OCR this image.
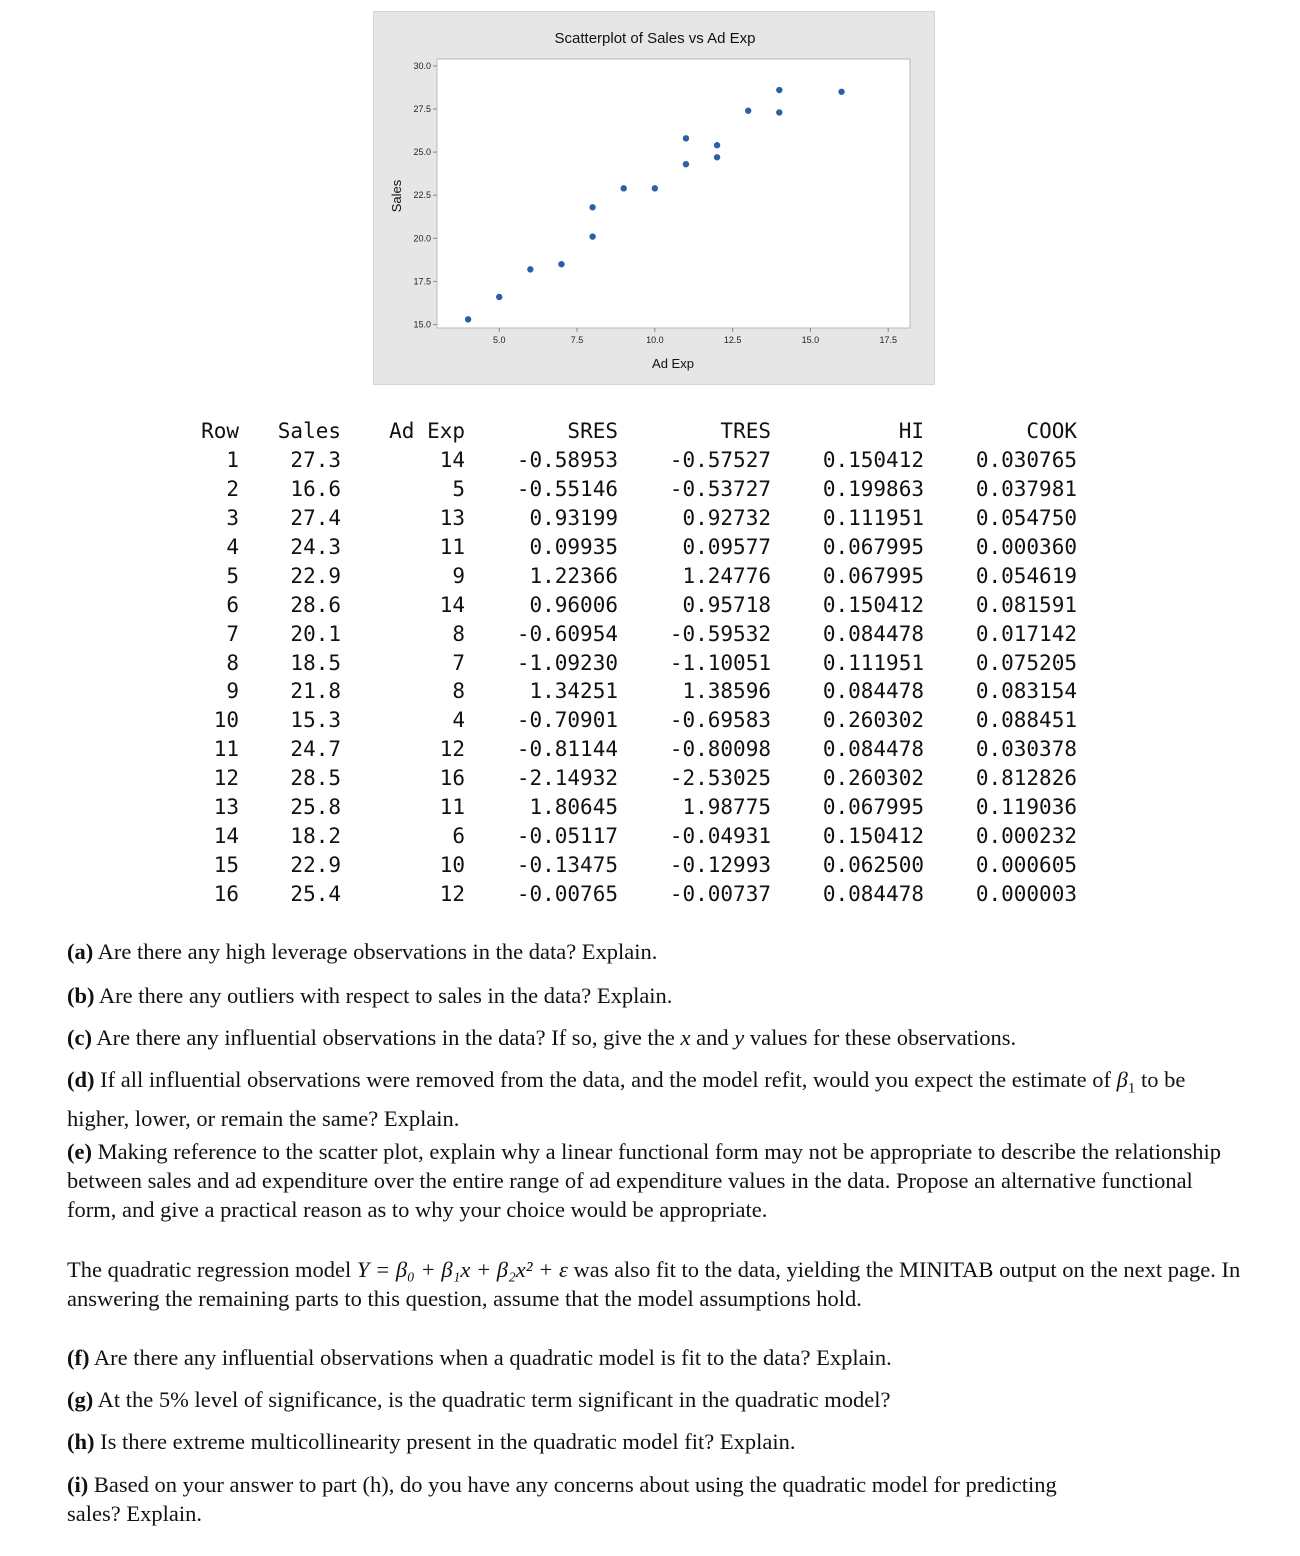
Scatterplot of Sales vs Ad Exp
5.0	7.5	10.0	12.5	15.0	17.5
15.0
17.5
20.0
22.5
25.0
27.5
30.0
Ad Exp
Sales
Row	Sales	Ad Exp	SRES	TRES	HI	COOK
1	27.3	14	-0.58953	-0.57527	0.150412	0.030765
2	16.6	5	-0.55146	-0.53727	0.199863	0.037981
3	27.4	13	0.93199	0.92732	0.111951	0.054750
4	24.3	11	0.09935	0.09577	0.067995	0.000360
5	22.9	9	1.22366	1.24776	0.067995	0.054619
6	28.6	14	0.96006	0.95718	0.150412	0.081591
7	20.1	8	-0.60954	-0.59532	0.084478	0.017142
8	18.5	7	-1.09230	-1.10051	0.111951	0.075205
9	21.8	8	1.34251	1.38596	0.084478	0.083154
10	15.3	4	-0.70901	-0.69583	0.260302	0.088451
11	24.7	12	-0.81144	-0.80098	0.084478	0.030378
12	28.5	16	-2.14932	-2.53025	0.260302	0.812826
13	25.8	11	1.80645	1.98775	0.067995	0.119036
14	18.2	6	-0.05117	-0.04931	0.150412	0.000232
15	22.9	10	-0.13475	-0.12993	0.062500	0.000605
16	25.4	12	-0.00765	-0.00737	0.084478	0.000003

(a) Are there any high leverage observations in the data? Explain.

(b) Are there any outliers with respect to sales in the data? Explain.

(c) Are there any influential observations in the data? If so, give the x and y values for these observations.

(d) If all influential observations were removed from the data, and the model refit, would you expect the estimate of $\beta_1$ to be higher, lower, or remain the same? Explain.

(e) Making reference to the scatter plot, explain why a linear functional form may not be appropriate to describe the relationship between sales and ad expenditure over the entire range of ad expenditure values in the data. Propose an alternative functional form, and give a practical reason as to why your choice would be appropriate.

The quadratic regression model Y = β₀ + β₁x + β₂x² + ε was also fit to the data, yielding the MINITAB output on the next page. In answering the remaining parts to this question, assume that the model assumptions hold.

(f) Are there any influential observations when a quadratic model is fit to the data? Explain.

(g) At the 5% level of significance, is the quadratic term significant in the quadratic model?

(h) Is there extreme multicollinearity present in the quadratic model fit? Explain.

(i) Based on your answer to part (h), do you have any concerns about using the quadratic model for predicting sales? Explain.
